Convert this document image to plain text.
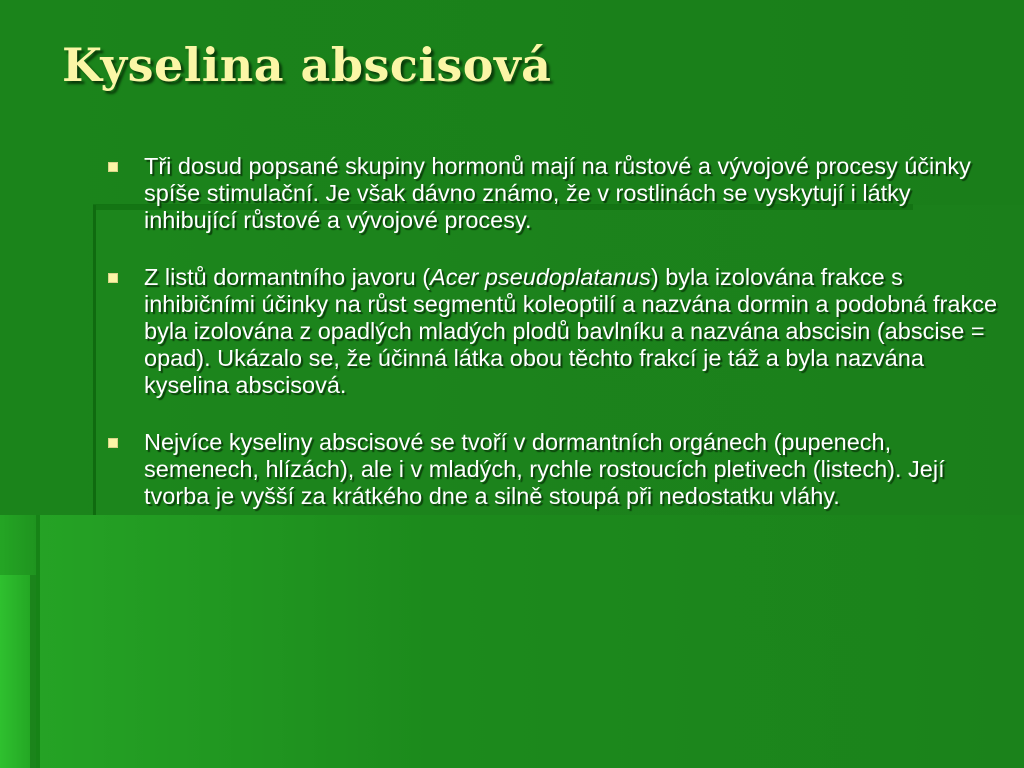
Kyselina abscisová
Tři dosud popsané skupiny hormonů mají na růstové a vývojové procesy účinky spíše stimulační. Je však dávno známo, že v rostlinách se vyskytují i látky inhibující růstové a vývojové procesy.
Z listů dormantního javoru (Acer pseudoplatanus) byla izolována frakce s inhibičními účinky na růst segmentů koleoptilí a nazvána dormin a podobná frakce byla izolována z opadlých mladých plodů bavlníku a nazvána abscisin (abscise = opad). Ukázalo se, že účinná látka obou těchto frakcí je táž a byla nazvána kyselina abscisová.
Nejvíce kyseliny abscisové se tvoří v dormantních orgánech (pupenech, semenech, hlízách), ale i v mladých, rychle rostoucích pletivech (listech). Její tvorba je vyšší za krátkého dne a silně stoupá při nedostatku vláhy.
